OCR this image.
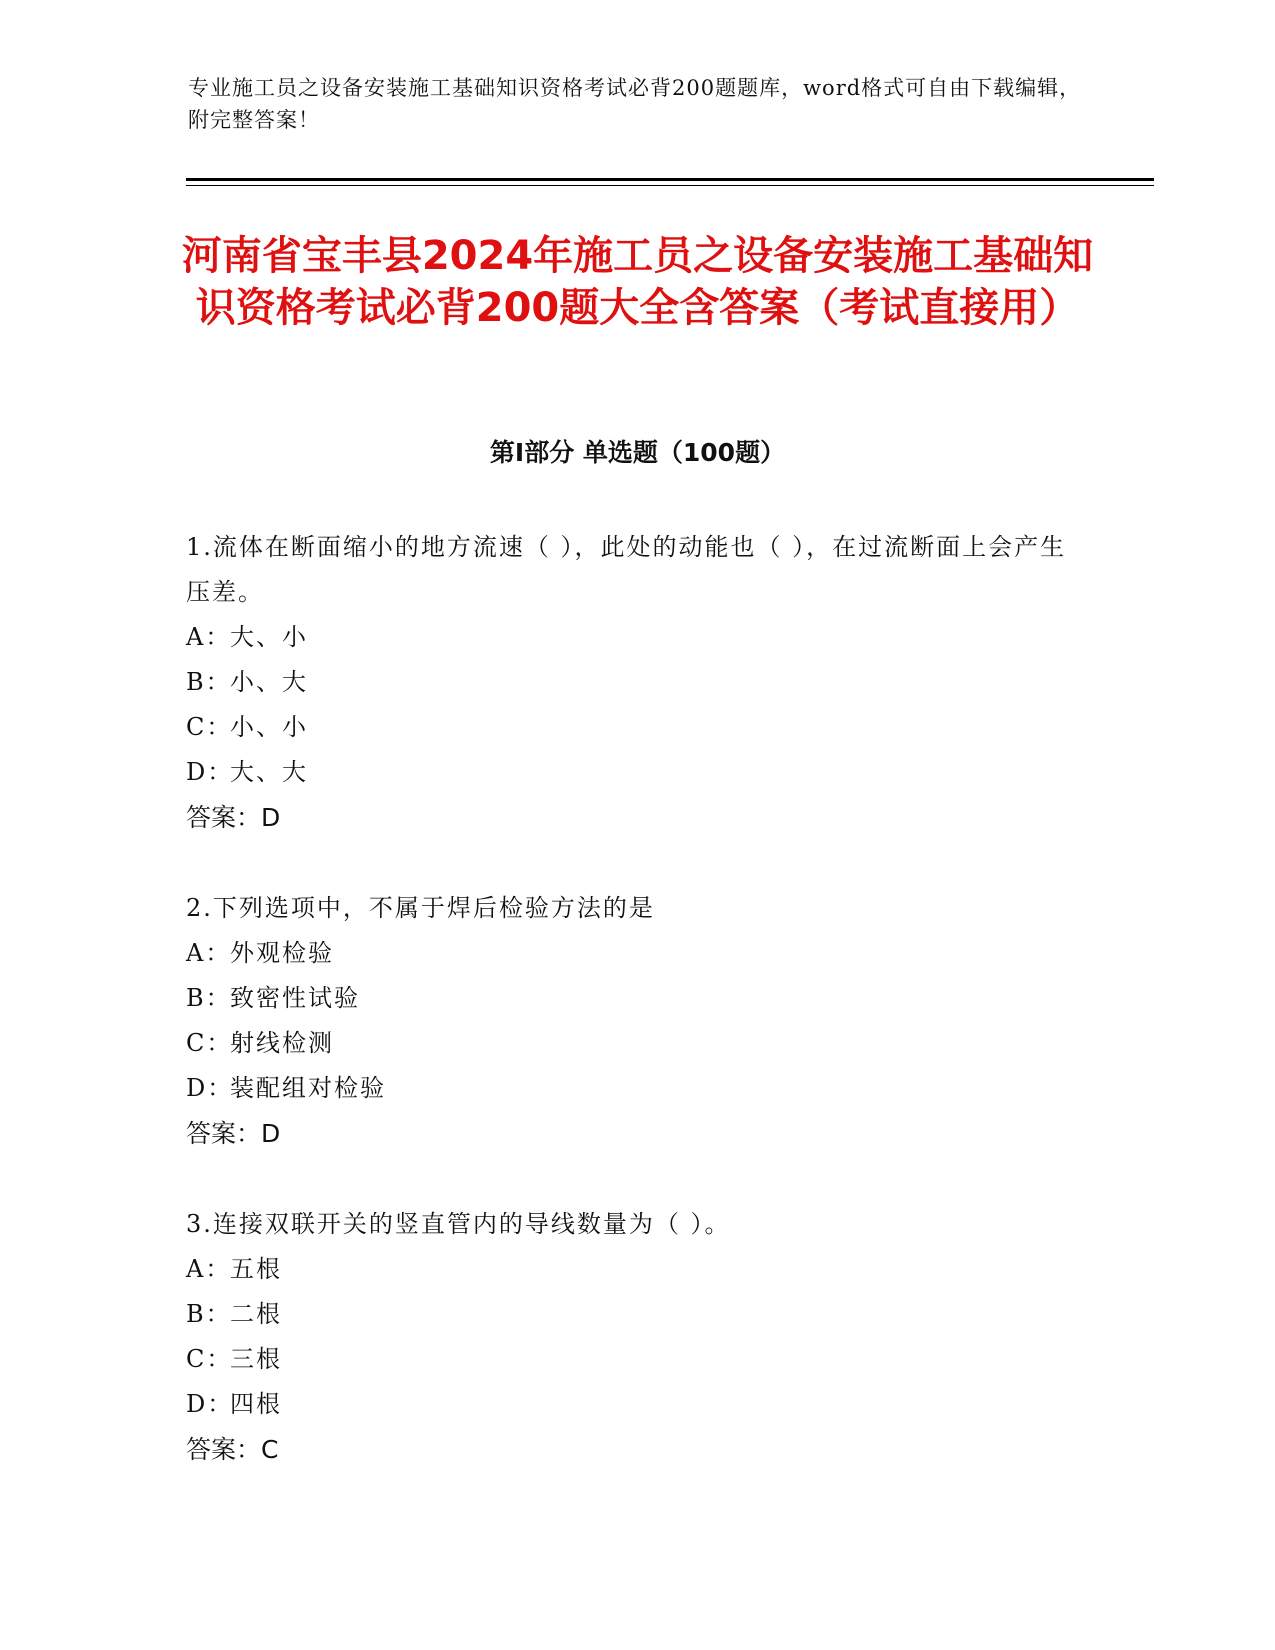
专业施工员之设备安装施工基础知识资格考试必背200题题库，word格式可自由下载编辑，附完整答案！
河南省宝丰县2024年施工员之设备安装施工基础知识资格考试必背200题大全含答案（考试直接用）
第Ⅰ部分 单选题（100题）
1.流体在断面缩小的地方流速（ ），此处的动能也（ ），在过流断面上会产生压差。
A：大、小
B：小、大
C：小、小
D：大、大
答案：D
2.下列选项中，不属于焊后检验方法的是
A：外观检验
B：致密性试验
C：射线检测
D：装配组对检验
答案：D
3.连接双联开关的竖直管内的导线数量为（ ）。
A：五根
B：二根
C：三根
D：四根
答案：C
